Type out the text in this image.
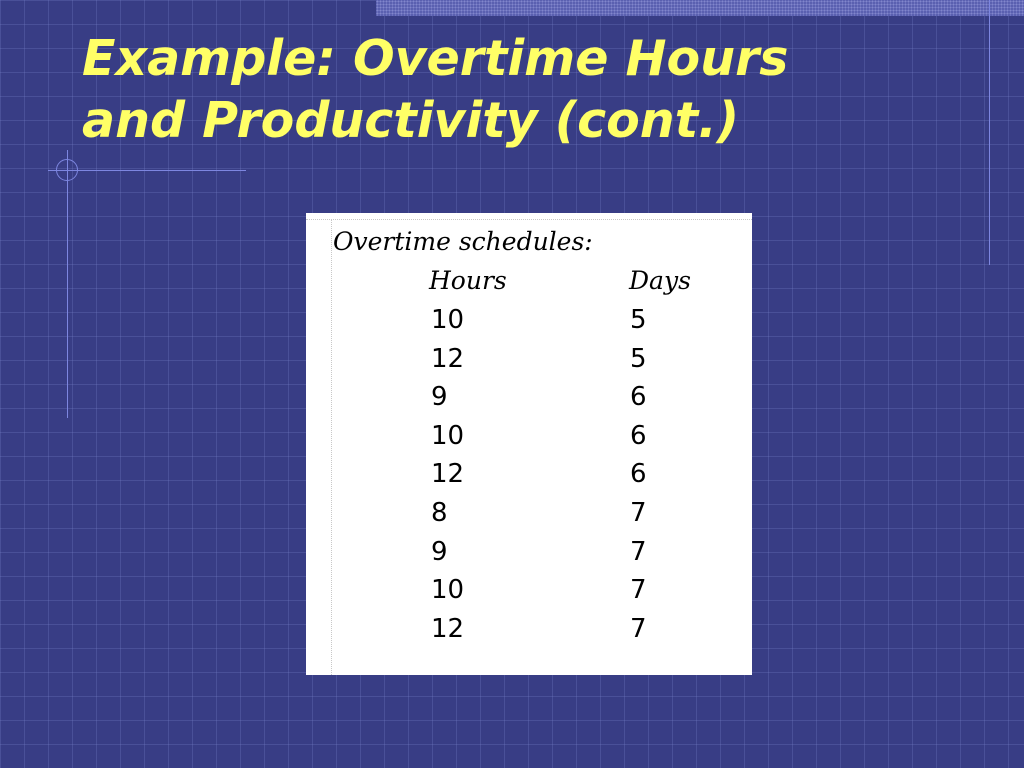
Example: Overtime Hours
and Productivity (cont.)
Overtime schedules:
Hours	Days
10	5
12	5
9	6
10	6
12	6
8	7
9	7
10	7
12	7
